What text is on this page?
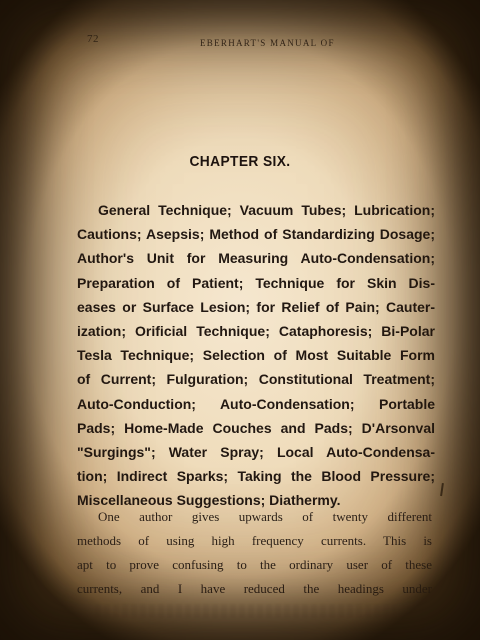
72	EBERHART'S MANUAL OF
CHAPTER SIX.
General Technique; Vacuum Tubes; Lubrication;
Cautions; Asepsis; Method of Standardizing Dosage;
Author's Unit for Measuring Auto-Condensation;
Preparation of Patient; Technique for Skin Dis-
eases or Surface Lesion; for Relief of Pain; Cauter-
ization; Orificial Technique; Cataphoresis; Bi-Polar
Tesla Technique; Selection of Most Suitable Form
of Current; Fulguration; Constitutional Treatment;
Auto-Conduction; Auto-Condensation; Portable
Pads; Home-Made Couches and Pads; D'Arsonval
"Surgings"; Water Spray; Local Auto-Condensa-
tion; Indirect Sparks; Taking the Blood Pressure;
Miscellaneous Suggestions; Diathermy.
One author gives upwards of twenty different
methods of using high frequency currents. This is
apt to prove confusing to the ordinary user of these
currents, and I have reduced the headings under
